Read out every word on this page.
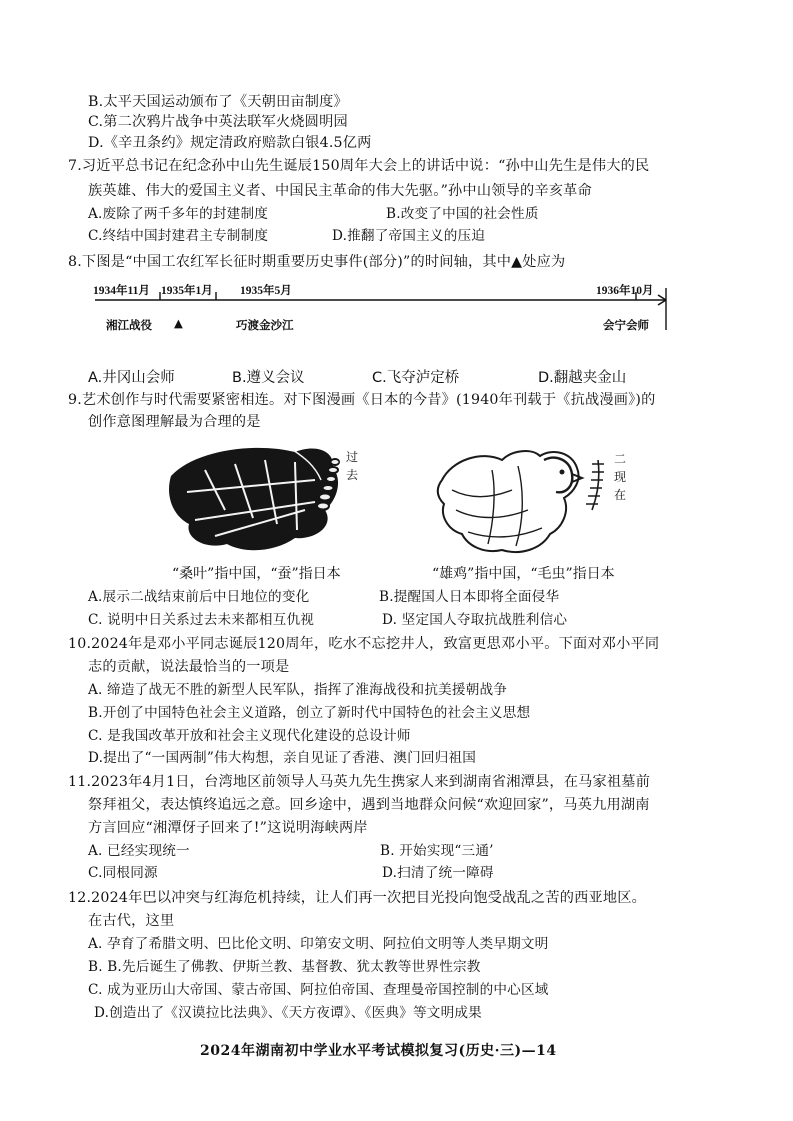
B.太平天国运动颁布了《天朝田亩制度》
C.第二次鸦片战争中英法联军火烧圆明园
D.《辛丑条约》规定清政府赔款白银4.5亿两
7.习近平总书记在纪念孙中山先生诞辰150周年大会上的讲话中说：“孙中山先生是伟大的民
族英雄、伟大的爱国主义者、中国民主革命的伟大先驱。”孙中山领导的辛亥革命
A.废除了两千多年的封建制度	B.改变了中国的社会性质
C.终结中国封建君主专制制度	D.推翻了帝国主义的压迫
8.下图是“中国工农红军长征时期重要历史事件(部分)”的时间轴，其中▲处应为
1934年11月 1935年1月 1935年5月	1936年10月
湘江战役 ▲	巧渡金沙江	会宁会师
A.井冈山会师	B.遵义会议	C.飞夺泸定桥	D.翻越夹金山
9.艺术创作与时代需要紧密相连。对下图漫画《日本的今昔》(1940年刊载于《抗战漫画》)的
创作意图理解最为合理的是
过去
二现在
“桑叶”指中国，“蚕”指日本	“雄鸡”指中国，“毛虫”指日本
A.展示二战结束前后中日地位的变化	B.提醒国人日本即将全面侵华
C. 说明中日关系过去未来都相互仇视	D. 坚定国人夺取抗战胜利信心
10.2024年是邓小平同志诞辰120周年，吃水不忘挖井人，致富更思邓小平。下面对邓小平同
志的贡献，说法最恰当的一项是
A. 缔造了战无不胜的新型人民军队，指挥了淮海战役和抗美援朝战争
B.开创了中国特色社会主义道路，创立了新时代中国特色的社会主义思想
C. 是我国改革开放和社会主义现代化建设的总设计师
D.提出了“一国两制”伟大构想，亲自见证了香港、澳门回归祖国
11.2023年4月1日，台湾地区前领导人马英九先生携家人来到湖南省湘潭县，在马家祖墓前
祭拜祖父，表达慎终追远之意。回乡途中，遇到当地群众问候“欢迎回家”，马英九用湖南
方言回应“湘潭伢子回来了!”这说明海峡两岸
A. 已经实现统一	B. 开始实现“三通’
C.同根同源	D.扫清了统一障碍
12.2024年巴以冲突与红海危机持续，让人们再一次把目光投向饱受战乱之苦的西亚地区。
在古代，这里
A. 孕育了希腊文明、巴比伦文明、印第安文明、阿拉伯文明等人类早期文明
B. B.先后诞生了佛教、伊斯兰教、基督教、犹太教等世界性宗教
C. 成为亚历山大帝国、蒙古帝国、阿拉伯帝国、查理曼帝国控制的中心区域
D.创造出了《汉谟拉比法典》、《天方夜谭》、《医典》等文明成果
2024年湖南初中学业水平考试模拟复习(历史·三)—14
